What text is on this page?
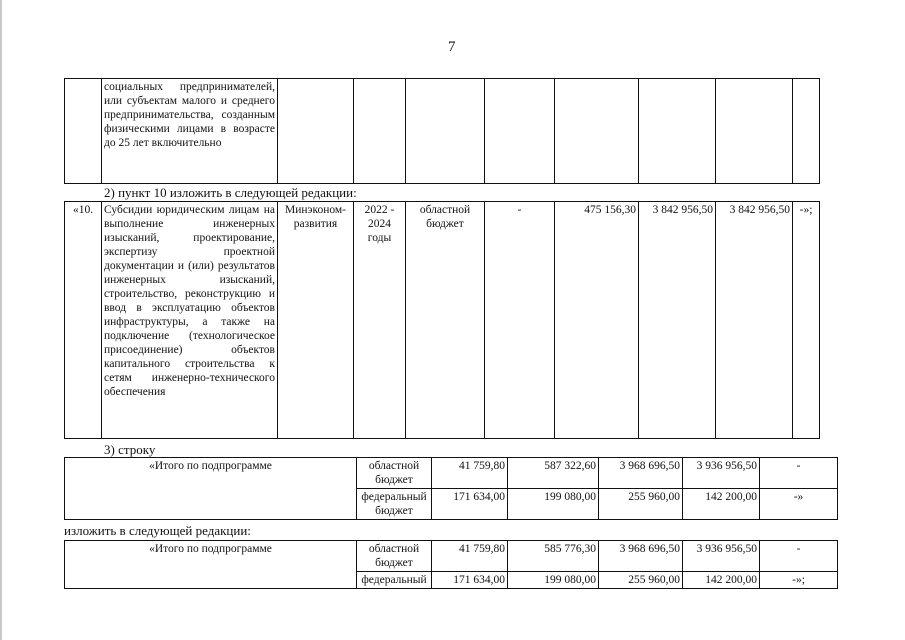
7
	социальных предпринимателей, или субъектам малого и среднего предпринимательства, созданным физическими лицами в возрасте до 25 лет включительно								
2) пункт 10 изложить в следующей редакции:
«10.	Субсидии юридическим лицам на выполнение инженерных изысканий, проектирование, экспертизу проектной документации и (или) результатов инженерных изысканий, строительство, реконструкцию и ввод в эксплуатацию объектов инфраструктуры, а также на подключение (технологическое присоединение) объектов капитального строительства к сетям инженерно-технического обеспечения	Минэконом-развития	2022 - 2024 годы	областной бюджет	-	475 156,30	3 842 956,50	3 842 956,50	-»;
3) строку
«Итого по подпрограмме	областной бюджет	41 759,80	587 322,60	3 968 696,50	3 936 956,50	-
	федеральный бюджет	171 634,00	199 080,00	255 960,00	142 200,00	-»
изложить в следующей редакции:
«Итого по подпрограмме	областной бюджет	41 759,80	585 776,30	3 968 696,50	3 936 956,50	-
	федеральный	171 634,00	199 080,00	255 960,00	142 200,00	-»;
